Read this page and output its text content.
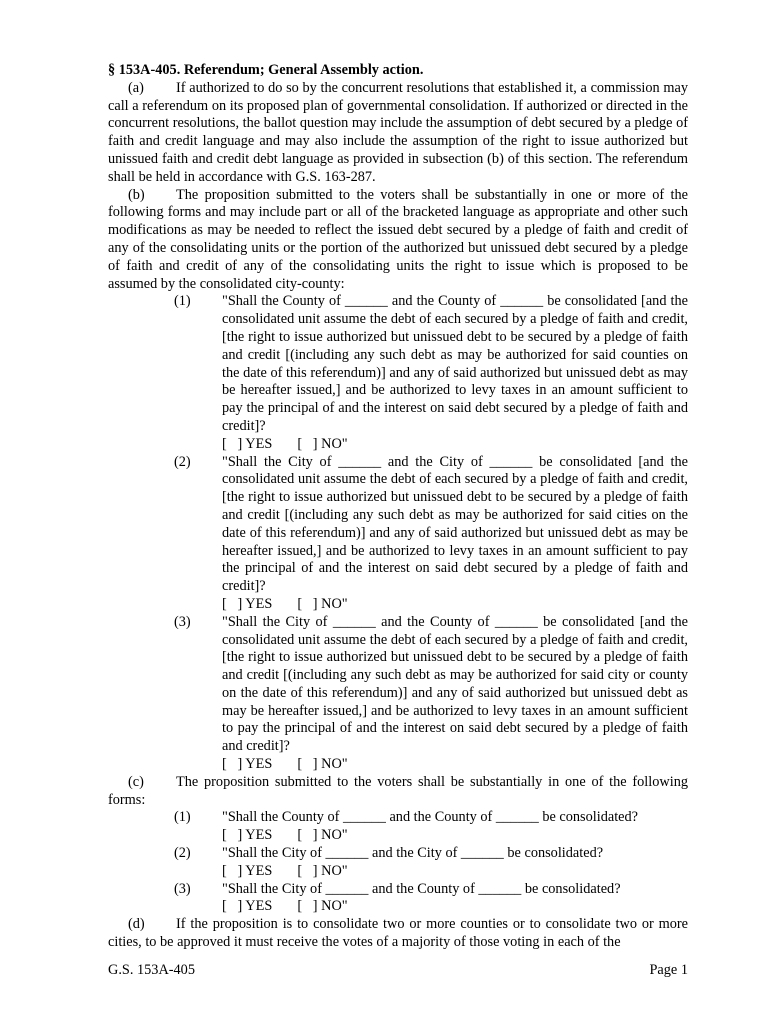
§ 153A-405. Referendum; General Assembly action.

(a) If authorized to do so by the concurrent resolutions that established it, a commission may call a referendum on its proposed plan of governmental consolidation. If authorized or directed in the concurrent resolutions, the ballot question may include the assumption of debt secured by a pledge of faith and credit language and may also include the assumption of the right to issue authorized but unissued faith and credit debt language as provided in subsection (b) of this section. The referendum shall be held in accordance with G.S. 163-287.

(b) The proposition submitted to the voters shall be substantially in one or more of the following forms and may include part or all of the bracketed language as appropriate and other such modifications as may be needed to reflect the issued debt secured by a pledge of faith and credit of any of the consolidating units or the portion of the authorized but unissued debt secured by a pledge of faith and credit of any of the consolidating units the right to issue which is proposed to be assumed by the consolidated city-county:

(1) "Shall the County of ______ and the County of ______ be consolidated [and the consolidated unit assume the debt of each secured by a pledge of faith and credit, [the right to issue authorized but unissued debt to be secured by a pledge of faith and credit [(including any such debt as may be authorized for said counties on the date of this referendum)] and any of said authorized but unissued debt as may be hereafter issued,] and be authorized to levy taxes in an amount sufficient to pay the principal of and the interest on said debt secured by a pledge of faith and credit]?
[   ] YES       [   ] NO"
(2) "Shall the City of ______ and the City of ______ be consolidated [and the consolidated unit assume the debt of each secured by a pledge of faith and credit, [the right to issue authorized but unissued debt to be secured by a pledge of faith and credit [(including any such debt as may be authorized for said cities on the date of this referendum)] and any of said authorized but unissued debt as may be hereafter issued,] and be authorized to levy taxes in an amount sufficient to pay the principal of and the interest on said debt secured by a pledge of faith and credit]?
[   ] YES       [   ] NO"
(3) "Shall the City of ______ and the County of ______ be consolidated [and the consolidated unit assume the debt of each secured by a pledge of faith and credit, [the right to issue authorized but unissued debt to be secured by a pledge of faith and credit [(including any such debt as may be authorized for said city or county on the date of this referendum)] and any of said authorized but unissued debt as may be hereafter issued,] and be authorized to levy taxes in an amount sufficient to pay the principal of and the interest on said debt secured by a pledge of faith and credit]?
[   ] YES       [   ] NO"

(c) The proposition submitted to the voters shall be substantially in one of the following forms:

(1) "Shall the County of ______ and the County of ______ be consolidated?
[   ] YES       [   ] NO"
(2) "Shall the City of ______ and the City of ______ be consolidated?
[   ] YES       [   ] NO"
(3) "Shall the City of ______ and the County of ______ be consolidated?
[   ] YES       [   ] NO"

(d) If the proposition is to consolidate two or more counties or to consolidate two or more cities, to be approved it must receive the votes of a majority of those voting in each of the

G.S. 153A-405	Page 1
